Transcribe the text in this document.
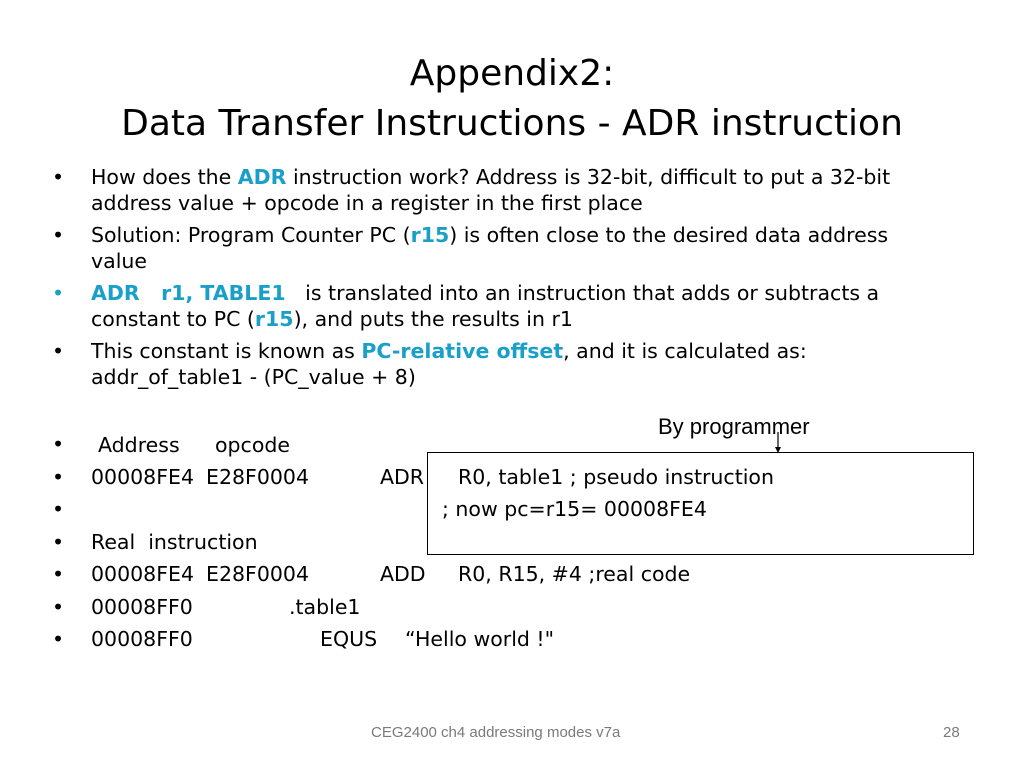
Appendix2:
Data Transfer Instructions - ADR instruction
• How does the ADR instruction work? Address is 32-bit, difficult to put a 32-bit address value + opcode in a register in the first place
• Solution: Program Counter PC (r15) is often close to the desired data address value
• ADR   r1, TABLE1   is translated into an instruction that adds or subtracts a constant to PC (r15), and puts the results in r1
• This constant is known as PC-relative offset, and it is calculated as: addr_of_table1 - (PC_value + 8)
By programmer
•
•
•
•
•
•
•
Address opcode
00008FE4 E28F0004	ADR R0, table1 ; pseudo instruction
; now pc=r15= 00008FE4
Real  instruction
00008FE4 E28F0004	ADD R0, R15, #4 ;real code
00008FF0	.table1
00008FF0	EQUS “Hello world !"
CEG2400 ch4 addressing modes v7a	28
